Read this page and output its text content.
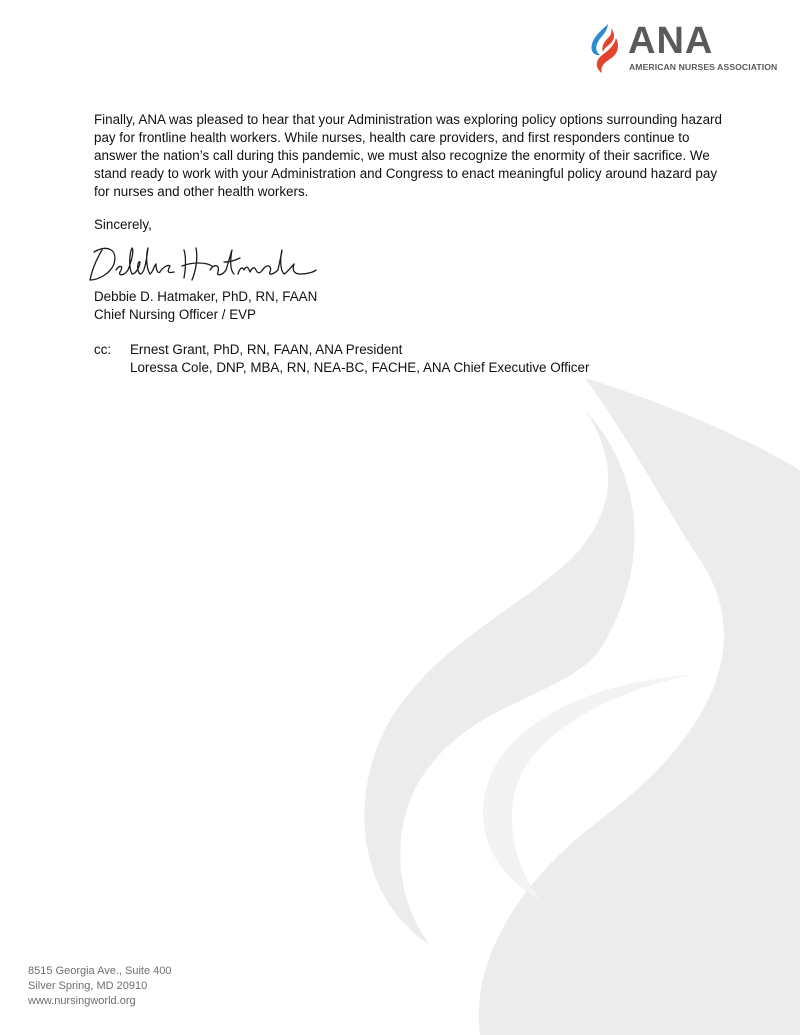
ANA
AMERICAN NURSES ASSOCIATION

Finally, ANA was pleased to hear that your Administration was exploring policy options surrounding hazard pay for frontline health workers. While nurses, health care providers, and first responders continue to answer the nation’s call during this pandemic, we must also recognize the enormity of their sacrifice. We stand ready to work with your Administration and Congress to enact meaningful policy around hazard pay for nurses and other health workers.

Sincerely,
Debbie D. Hatmaker, PhD, RN, FAAN
Chief Nursing Officer / EVP
cc: Ernest Grant, PhD, RN, FAAN, ANA President
Loressa Cole, DNP, MBA, RN, NEA-BC, FACHE, ANA Chief Executive Officer
8515 Georgia Ave., Suite 400
Silver Spring, MD 20910
www.nursingworld.org
